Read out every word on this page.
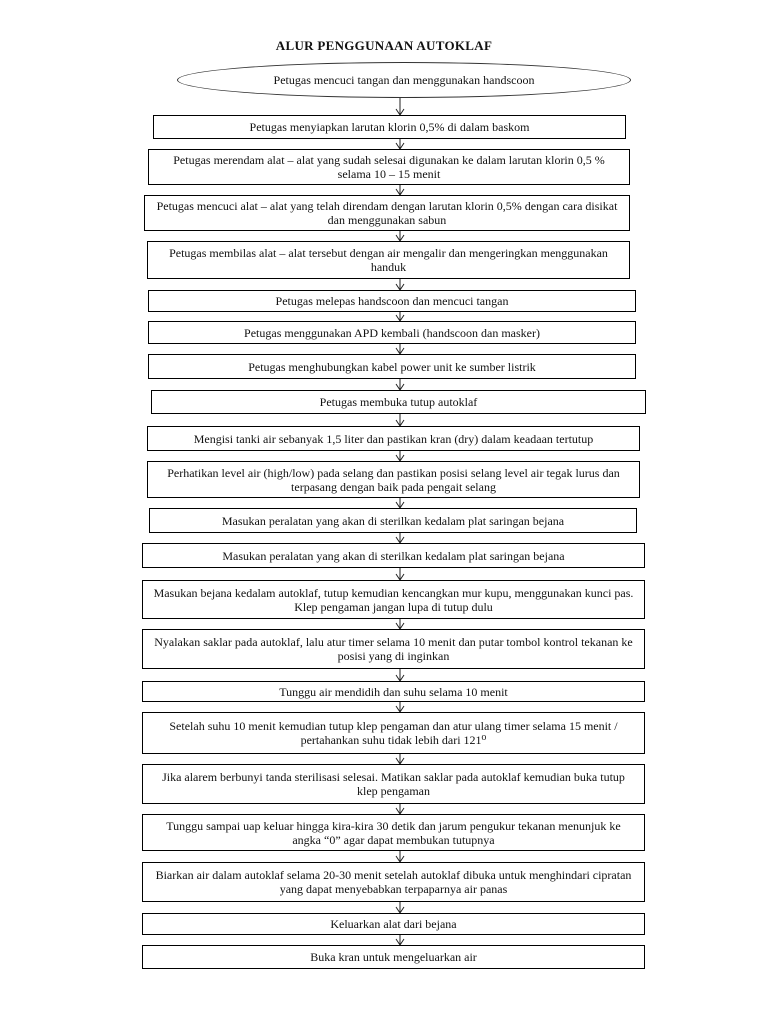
ALUR PENGGUNAAN AUTOKLAF
Petugas mencuci tangan dan menggunakan handscoon
Petugas menyiapkan larutan klorin 0,5% di dalam baskom
Petugas merendam alat – alat yang sudah selesai digunakan ke dalam larutan klorin 0,5 % selama 10 – 15 menit
Petugas mencuci alat – alat yang telah direndam dengan larutan klorin 0,5% dengan cara disikat dan menggunakan sabun
Petugas membilas alat – alat tersebut dengan air mengalir dan mengeringkan menggunakan handuk
Petugas melepas handscoon dan mencuci tangan
Petugas menggunakan APD kembali (handscoon dan masker)
Petugas menghubungkan kabel power unit ke sumber listrik
Petugas membuka tutup autoklaf
Mengisi tanki air sebanyak 1,5 liter dan pastikan kran (dry) dalam keadaan tertutup
Perhatikan level air (high/low) pada selang dan pastikan posisi selang level air tegak lurus dan terpasang dengan baik pada pengait selang
Masukan peralatan yang akan di sterilkan kedalam plat saringan bejana
Masukan peralatan yang akan di sterilkan kedalam plat saringan bejana
Masukan bejana kedalam autoklaf, tutup kemudian kencangkan mur kupu, menggunakan kunci pas. Klep pengaman jangan lupa di tutup dulu
Nyalakan saklar pada autoklaf, lalu atur timer selama 10 menit dan putar tombol kontrol tekanan ke posisi yang di inginkan
Tunggu air mendidih dan suhu selama 10 menit
Setelah suhu 10 menit kemudian tutup klep pengaman dan atur ulang timer selama 15 menit / pertahankan suhu tidak lebih dari 121⁰
Jika alarem berbunyi tanda sterilisasi selesai. Matikan saklar pada autoklaf kemudian buka tutup klep pengaman
Tunggu sampai uap keluar hingga kira-kira 30 detik dan jarum pengukur tekanan menunjuk ke angka “0” agar dapat membukan tutupnya
Biarkan air dalam autoklaf selama 20-30 menit setelah autoklaf dibuka untuk menghindari cipratan yang dapat menyebabkan terpaparnya air panas
Keluarkan alat dari bejana
Buka kran untuk mengeluarkan air
